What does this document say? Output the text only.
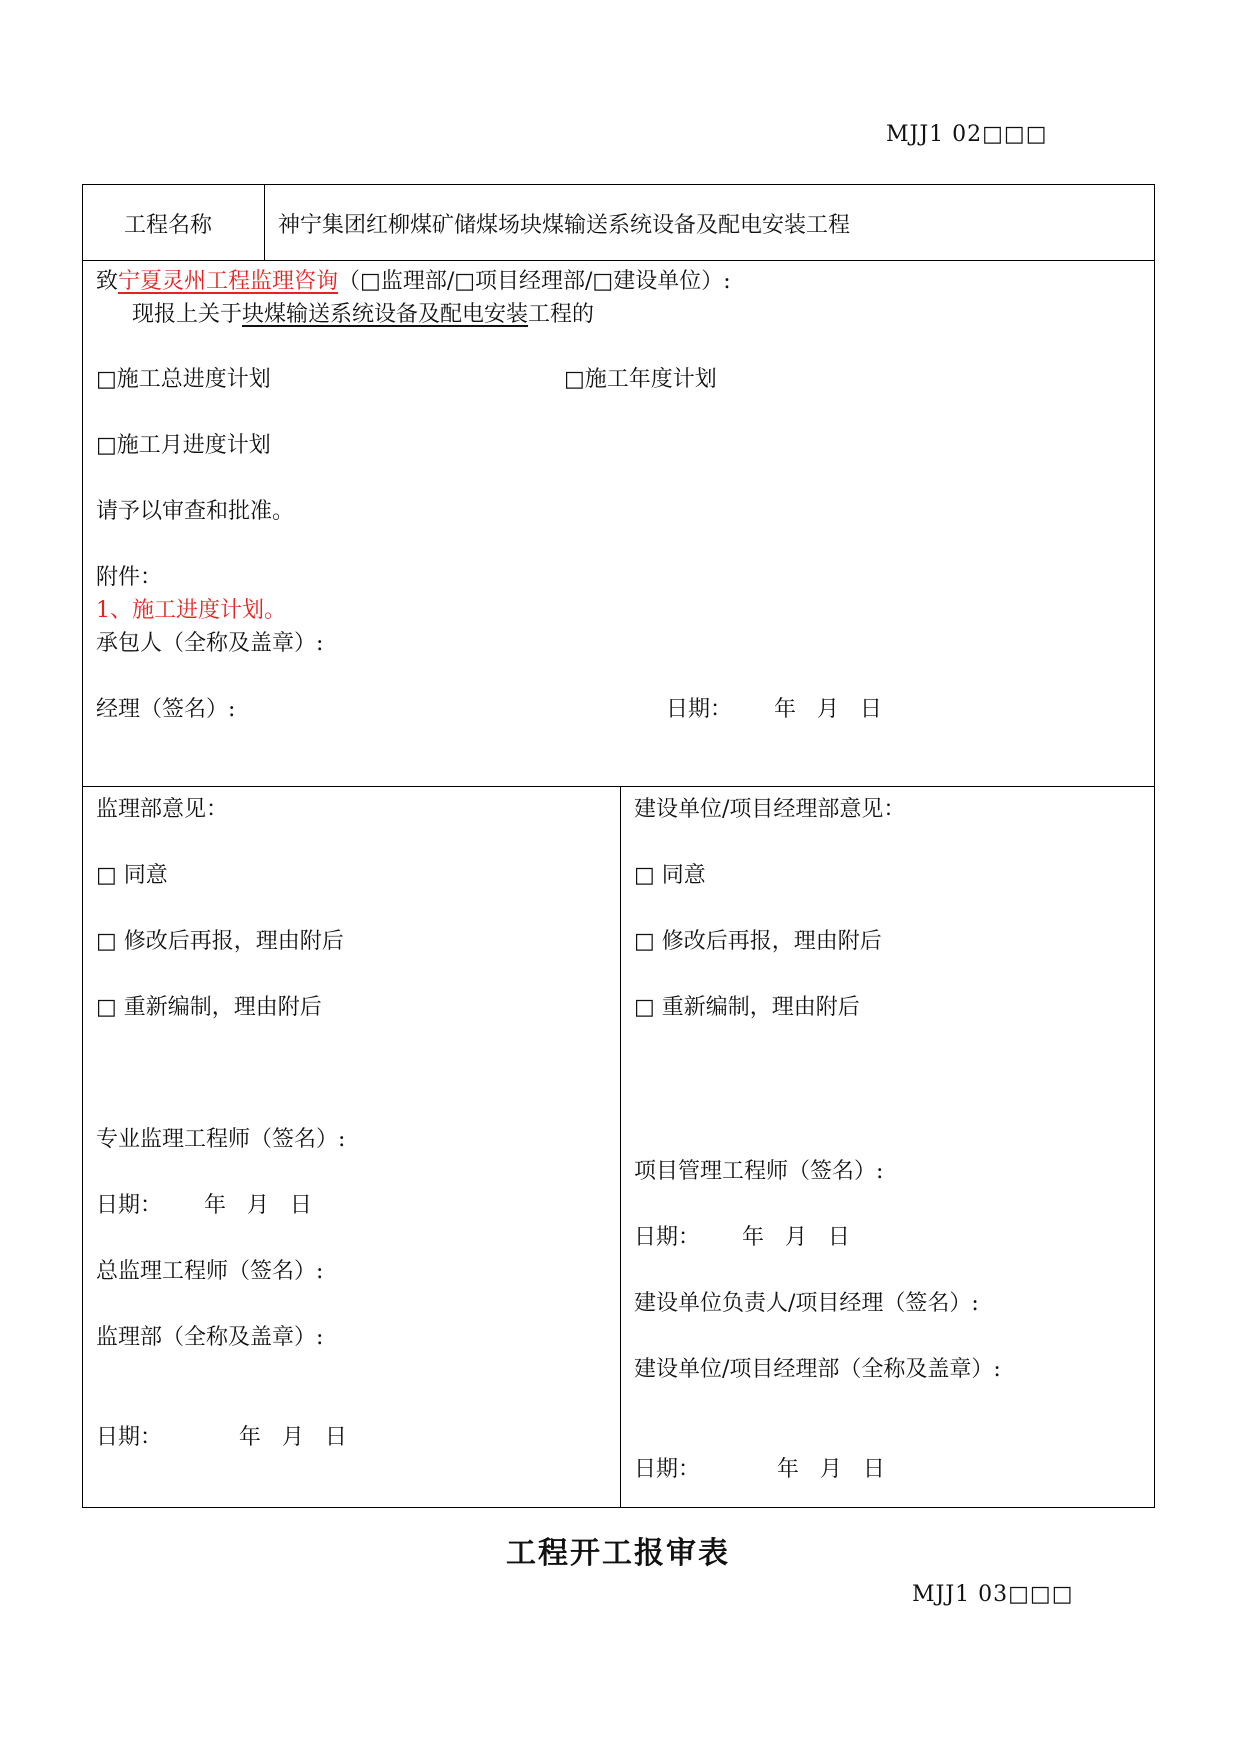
MJJ1 02□□□
工程名称	神宁集团红柳煤矿储煤场块煤输送系统设备及配电安装工程
致宁夏灵州工程监理咨询（□监理部/□项目经理部/□建设单位）:
现报上关于块煤输送系统设备及配电安装工程的
□施工总进度计划	□施工年度计划
□施工月进度计划
请予以审查和批准。
附件：
1、施工进度计划。
承包人（全称及盖章）:
经理（签名）:	日期：      年   月   日
监理部意见：
□ 同意
□ 修改后再报，理由附后
□ 重新编制，理由附后
专业监理工程师（签名）:
日期：      年   月   日
总监理工程师（签名）:
监理部（全称及盖章）:
日期：           年   月   日
建设单位/项目经理部意见：
□ 同意
□ 修改后再报，理由附后
□ 重新编制，理由附后
项目管理工程师（签名）:
日期：      年   月   日
建设单位负责人/项目经理（签名）:
建设单位/项目经理部（全称及盖章）:
日期：           年   月   日
工程开工报审表
MJJ1 03□□□
